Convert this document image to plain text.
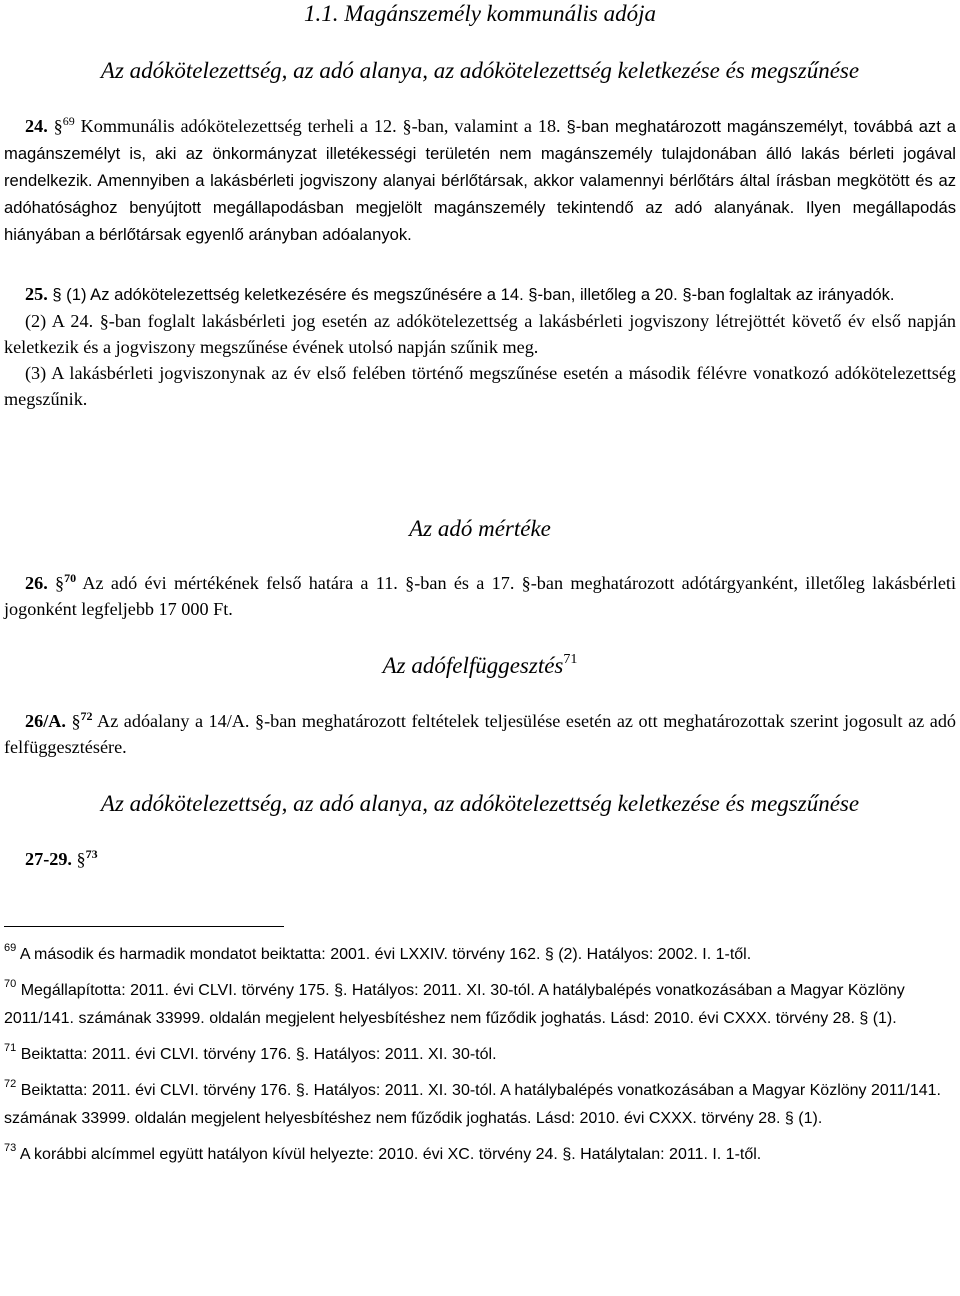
1.1. Magánszemély kommunális adója
Az adókötelezettség, az adó alanya, az adókötelezettség keletkezése és megszűnése

24. §$^{69}$ Kommunális adókötelezettség terheli a 12. §-ban, valamint a 18. §-ban meghatározott magánszemélyt, továbbá azt a magánszemélyt is, aki az önkormányzat illetékességi területén nem magánszemély tulajdonában álló lakás bérleti jogával rendelkezik. Amennyiben a lakásbérleti jogviszony alanyai bérlőtársak, akkor valamennyi bérlőtárs által írásban megkötött és az adóhatósághoz benyújtott megállapodásban megjelölt magánszemély tekintendő az adó alanyának. Ilyen megállapodás hiányában a bérlőtársak egyenlő arányban adóalanyok.

25. § (1) Az adókötelezettség keletkezésére és megszűnésére a 14. §-ban, illetőleg a 20. §-ban foglaltak az irányadók.

(2) A 24. §-ban foglalt lakásbérleti jog esetén az adókötelezettség a lakásbérleti jogviszony létrejöttét követő év első napján keletkezik és a jogviszony megszűnése évének utolsó napján szűnik meg.

(3) A lakásbérleti jogviszonynak az év első felében történő megszűnése esetén a második félévre vonatkozó adókötelezettség megszűnik.

Az adó mértéke

26. §$^{70}$ Az adó évi mértékének felső határa a 11. §-ban és a 17. §-ban meghatározott adótárgyanként, illetőleg lakásbérleti jogonként legfeljebb 17 000 Ft.

Az adófelfüggesztés$^{71}$

26/A. §$^{72}$ Az adóalany a 14/A. §-ban meghatározott feltételek teljesülése esetén az ott meghatározottak szerint jogosult az adó felfüggesztésére.

Az adókötelezettség, az adó alanya, az adókötelezettség keletkezése és megszűnése

27-29. §$^{73}$

$^{69}$ A második és harmadik mondatot beiktatta: 2001. évi LXXIV. törvény 162. § (2). Hatályos: 2002. I. 1-től.
$^{70}$ Megállapította: 2011. évi CLVI. törvény 175. §. Hatályos: 2011. XI. 30-tól. A hatálybalépés vonatkozásában a Magyar Közlöny 2011/141. számának 33999. oldalán megjelent helyesbítéshez nem fűződik joghatás. Lásd: 2010. évi CXXX. törvény 28. § (1).
$^{71}$ Beiktatta: 2011. évi CLVI. törvény 176. §. Hatályos: 2011. XI. 30-tól.
$^{72}$ Beiktatta: 2011. évi CLVI. törvény 176. §. Hatályos: 2011. XI. 30-tól. A hatálybalépés vonatkozásában a Magyar Közlöny 2011/141. számának 33999. oldalán megjelent helyesbítéshez nem fűződik joghatás. Lásd: 2010. évi CXXX. törvény 28. § (1).
$^{73}$ A korábbi alcímmel együtt hatályon kívül helyezte: 2010. évi XC. törvény 24. §. Hatálytalan: 2011. I. 1-től.
